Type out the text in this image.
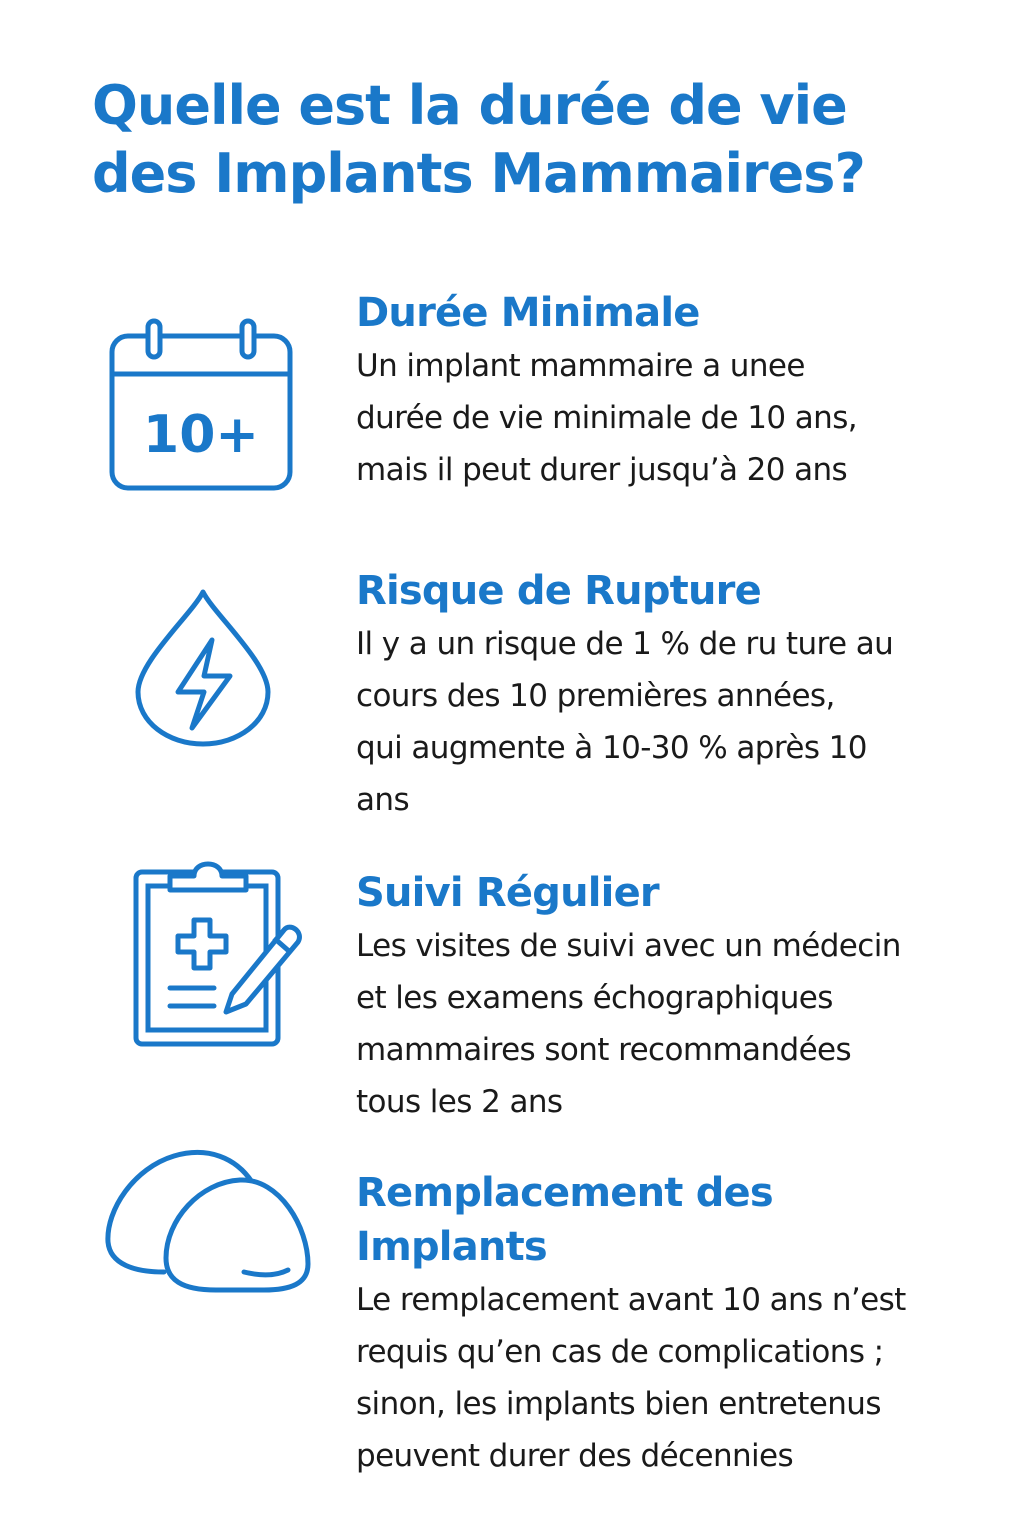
Quelle est la durée de vie
des Implants Mammaires?
10+
Durée Minimale

Un implant mammaire a unee
durée de vie minimale de 10 ans,
mais il peut durer jusqu’à 20 ans

Risque de Rupture

Il y a un risque de 1 % de ru ture au
cours des 10 premières années,
qui augmente à 10-30 % après 10
ans

Suivi Régulier

Les visites de suivi avec un médecin
et les examens échographiques
mammaires sont recommandées
tous les 2 ans

Remplacement des
Implants

Le remplacement avant 10 ans n’est
requis qu’en cas de complications ;
sinon, les implants bien entretenus
peuvent durer des décennies
